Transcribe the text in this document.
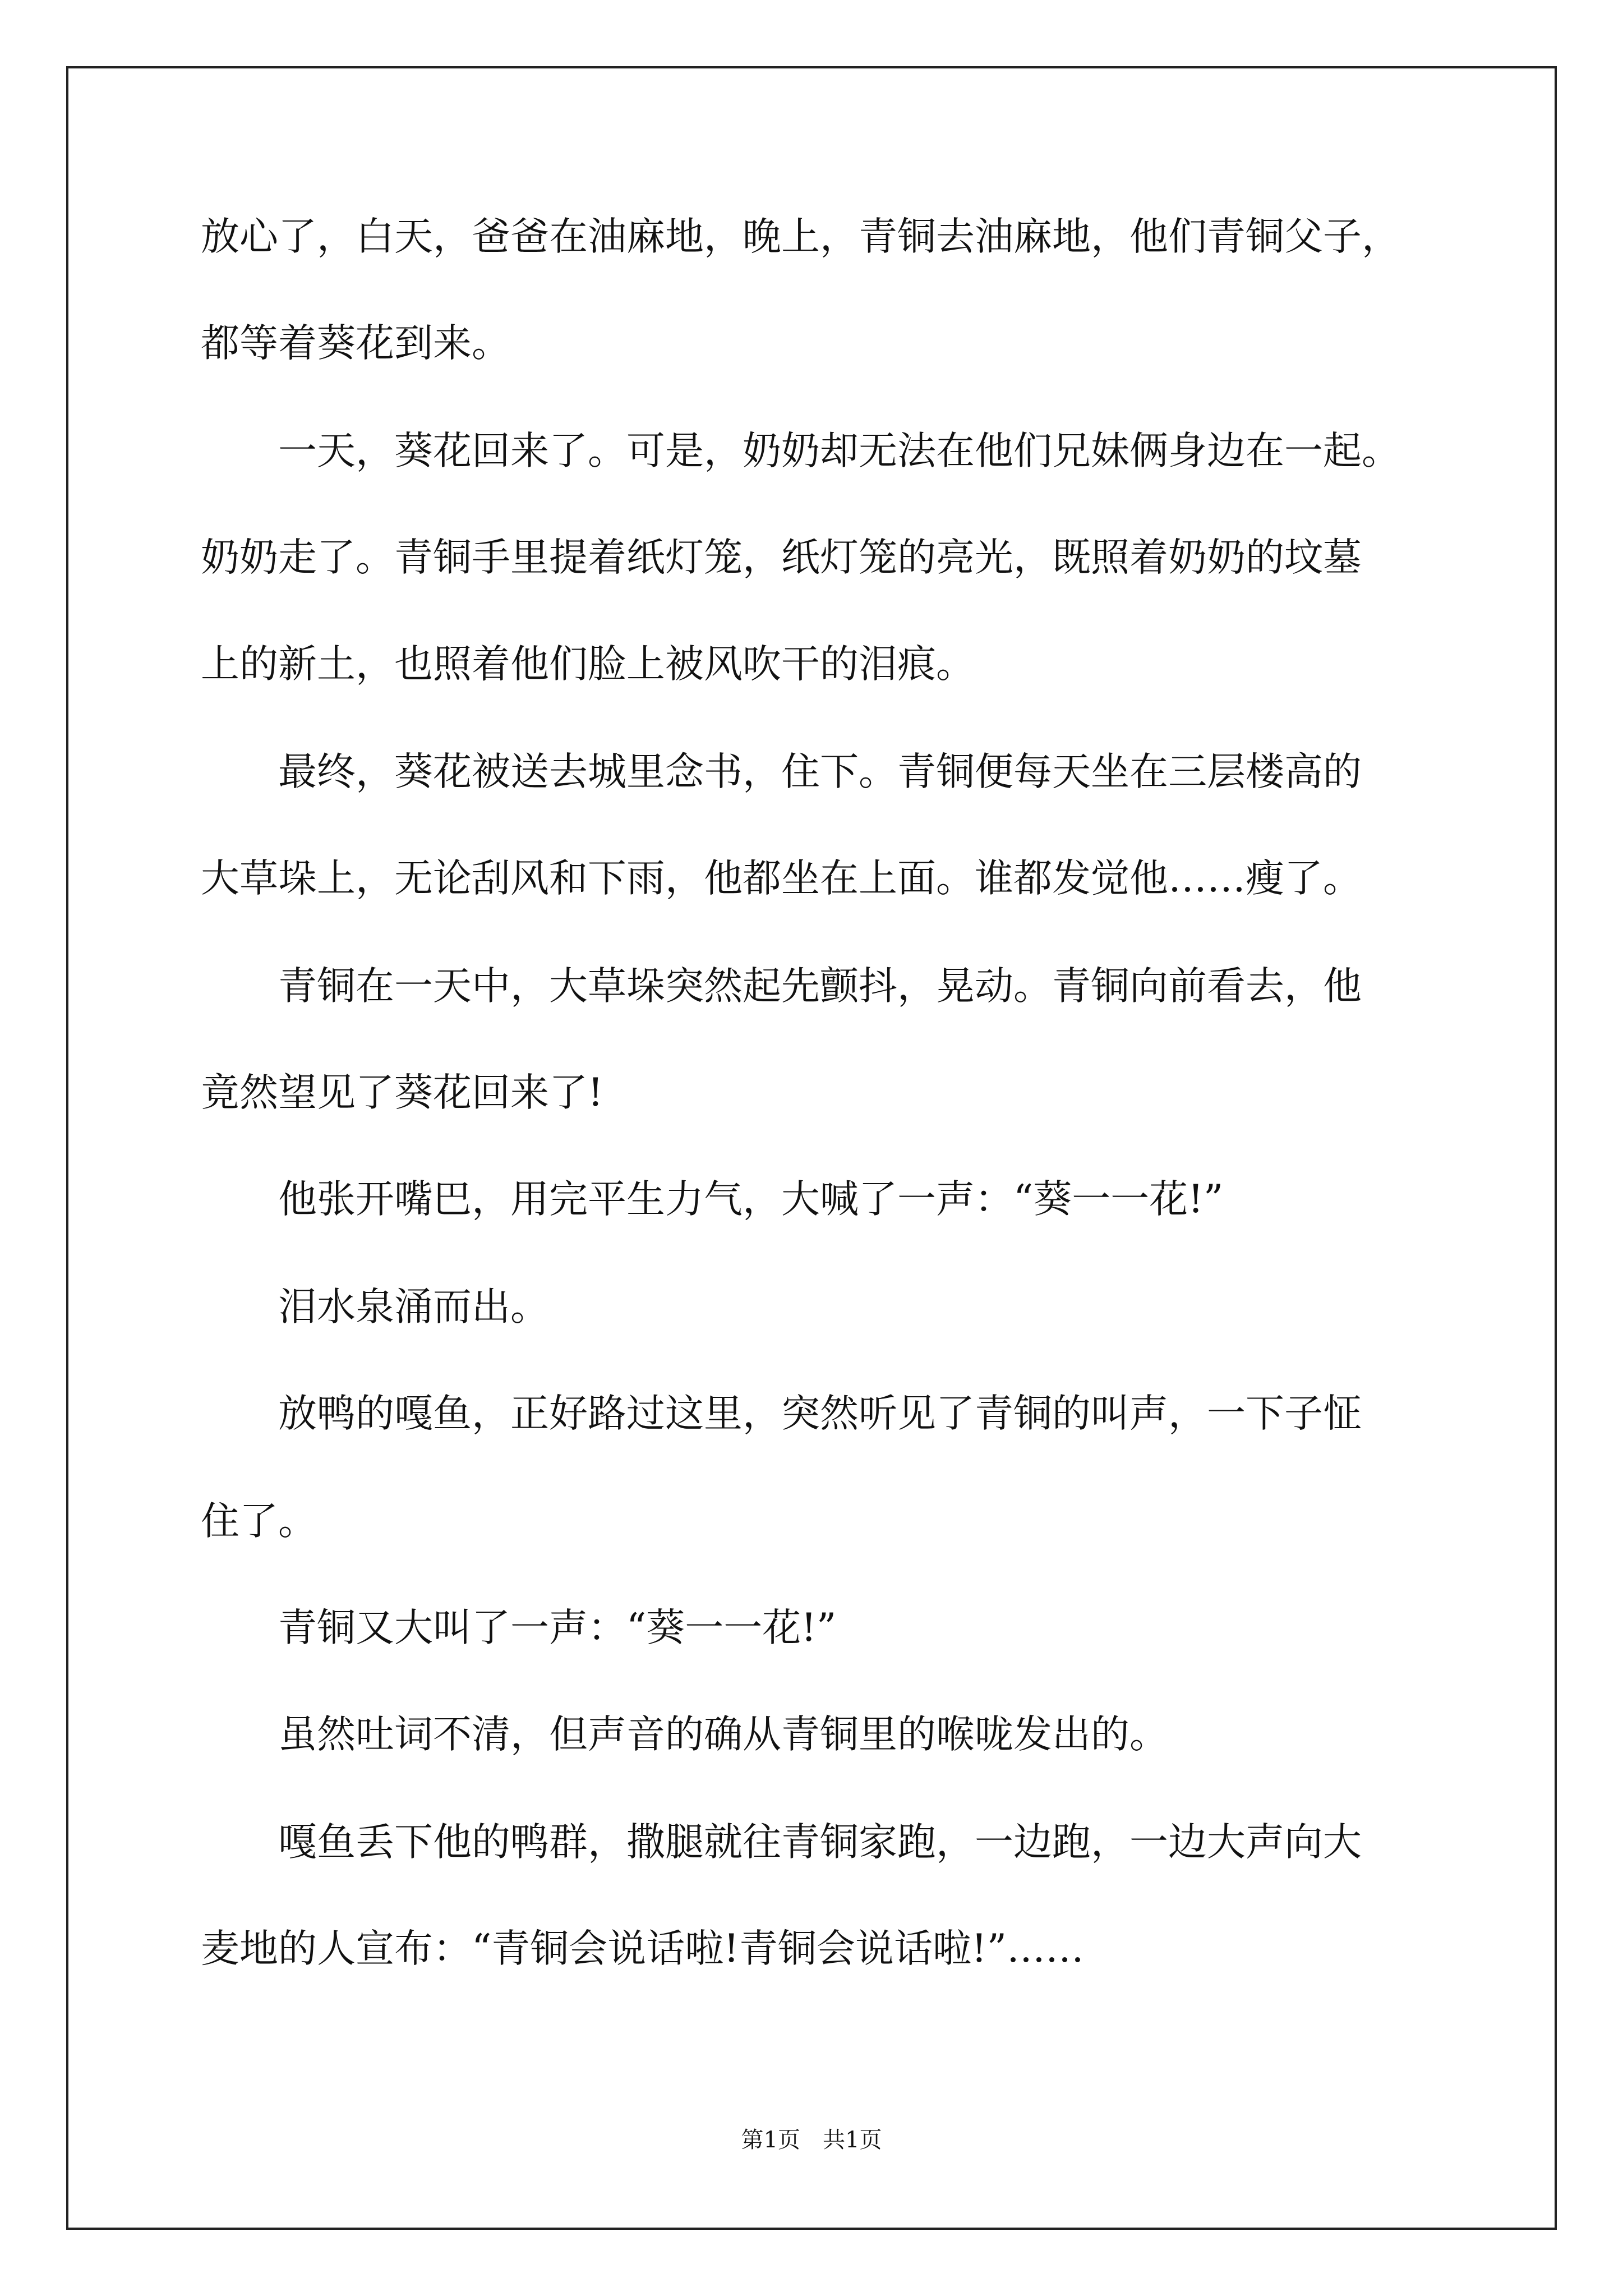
放心了，白天，爸爸在油麻地，晚上，青铜去油麻地，他们青铜父子，
都等着葵花到来。
　　一天，葵花回来了。可是，奶奶却无法在他们兄妹俩身边在一起。
奶奶走了。青铜手里提着纸灯笼，纸灯笼的亮光，既照着奶奶的坟墓
上的新土，也照着他们脸上被风吹干的泪痕。
　　最终，葵花被送去城里念书，住下。青铜便每天坐在三层楼高的
大草垛上，无论刮风和下雨，他都坐在上面。谁都发觉他……瘦了。
　　青铜在一天中，大草垛突然起先颤抖，晃动。青铜向前看去，他
竟然望见了葵花回来了!
　　他张开嘴巴，用完平生力气，大喊了一声：“葵一一花!”
　　泪水泉涌而出。
　　放鸭的嘎鱼，正好路过这里，突然听见了青铜的叫声，一下子怔
住了。
　　青铜又大叫了一声：“葵一一花!”
　　虽然吐词不清，但声音的确从青铜里的喉咙发出的。
　　嘎鱼丢下他的鸭群，撒腿就往青铜家跑，一边跑，一边大声向大
麦地的人宣布：“青铜会说话啦!青铜会说话啦!”……
第1页　共1页
